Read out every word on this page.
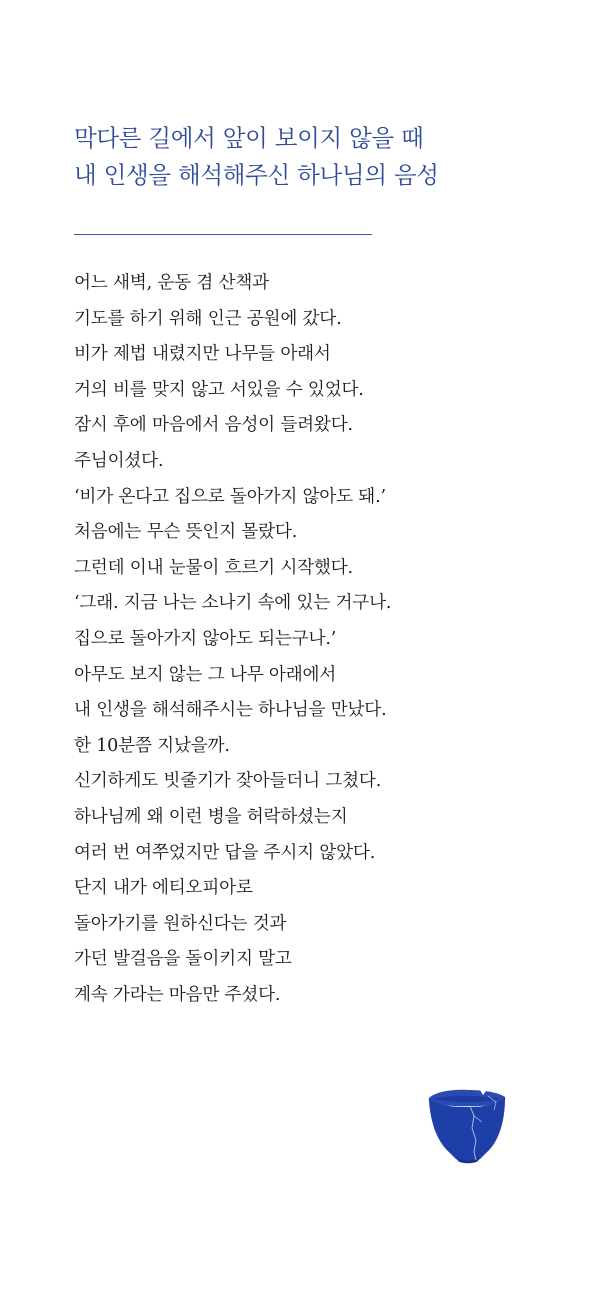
막다른 길에서 앞이 보이지 않을 때
내 인생을 해석해주신 하나님의 음성
어느 새벽, 운동 겸 산책과
기도를 하기 위해 인근 공원에 갔다.
비가 제법 내렸지만 나무들 아래서
거의 비를 맞지 않고 서있을 수 있었다.
잠시 후에 마음에서 음성이 들려왔다.
주님이셨다.
‘비가 온다고 집으로 돌아가지 않아도 돼.’
처음에는 무슨 뜻인지 몰랐다.
그런데 이내 눈물이 흐르기 시작했다.
‘그래. 지금 나는 소나기 속에 있는 거구나.
집으로 돌아가지 않아도 되는구나.’
아무도 보지 않는 그 나무 아래에서
내 인생을 해석해주시는 하나님을 만났다.
한 10분쯤 지났을까.
신기하게도 빗줄기가 잦아들더니 그쳤다.
하나님께 왜 이런 병을 허락하셨는지
여러 번 여쭈었지만 답을 주시지 않았다.
단지 내가 에티오피아로
돌아가기를 원하신다는 것과
가던 발걸음을 돌이키지 말고
계속 가라는 마음만 주셨다.
